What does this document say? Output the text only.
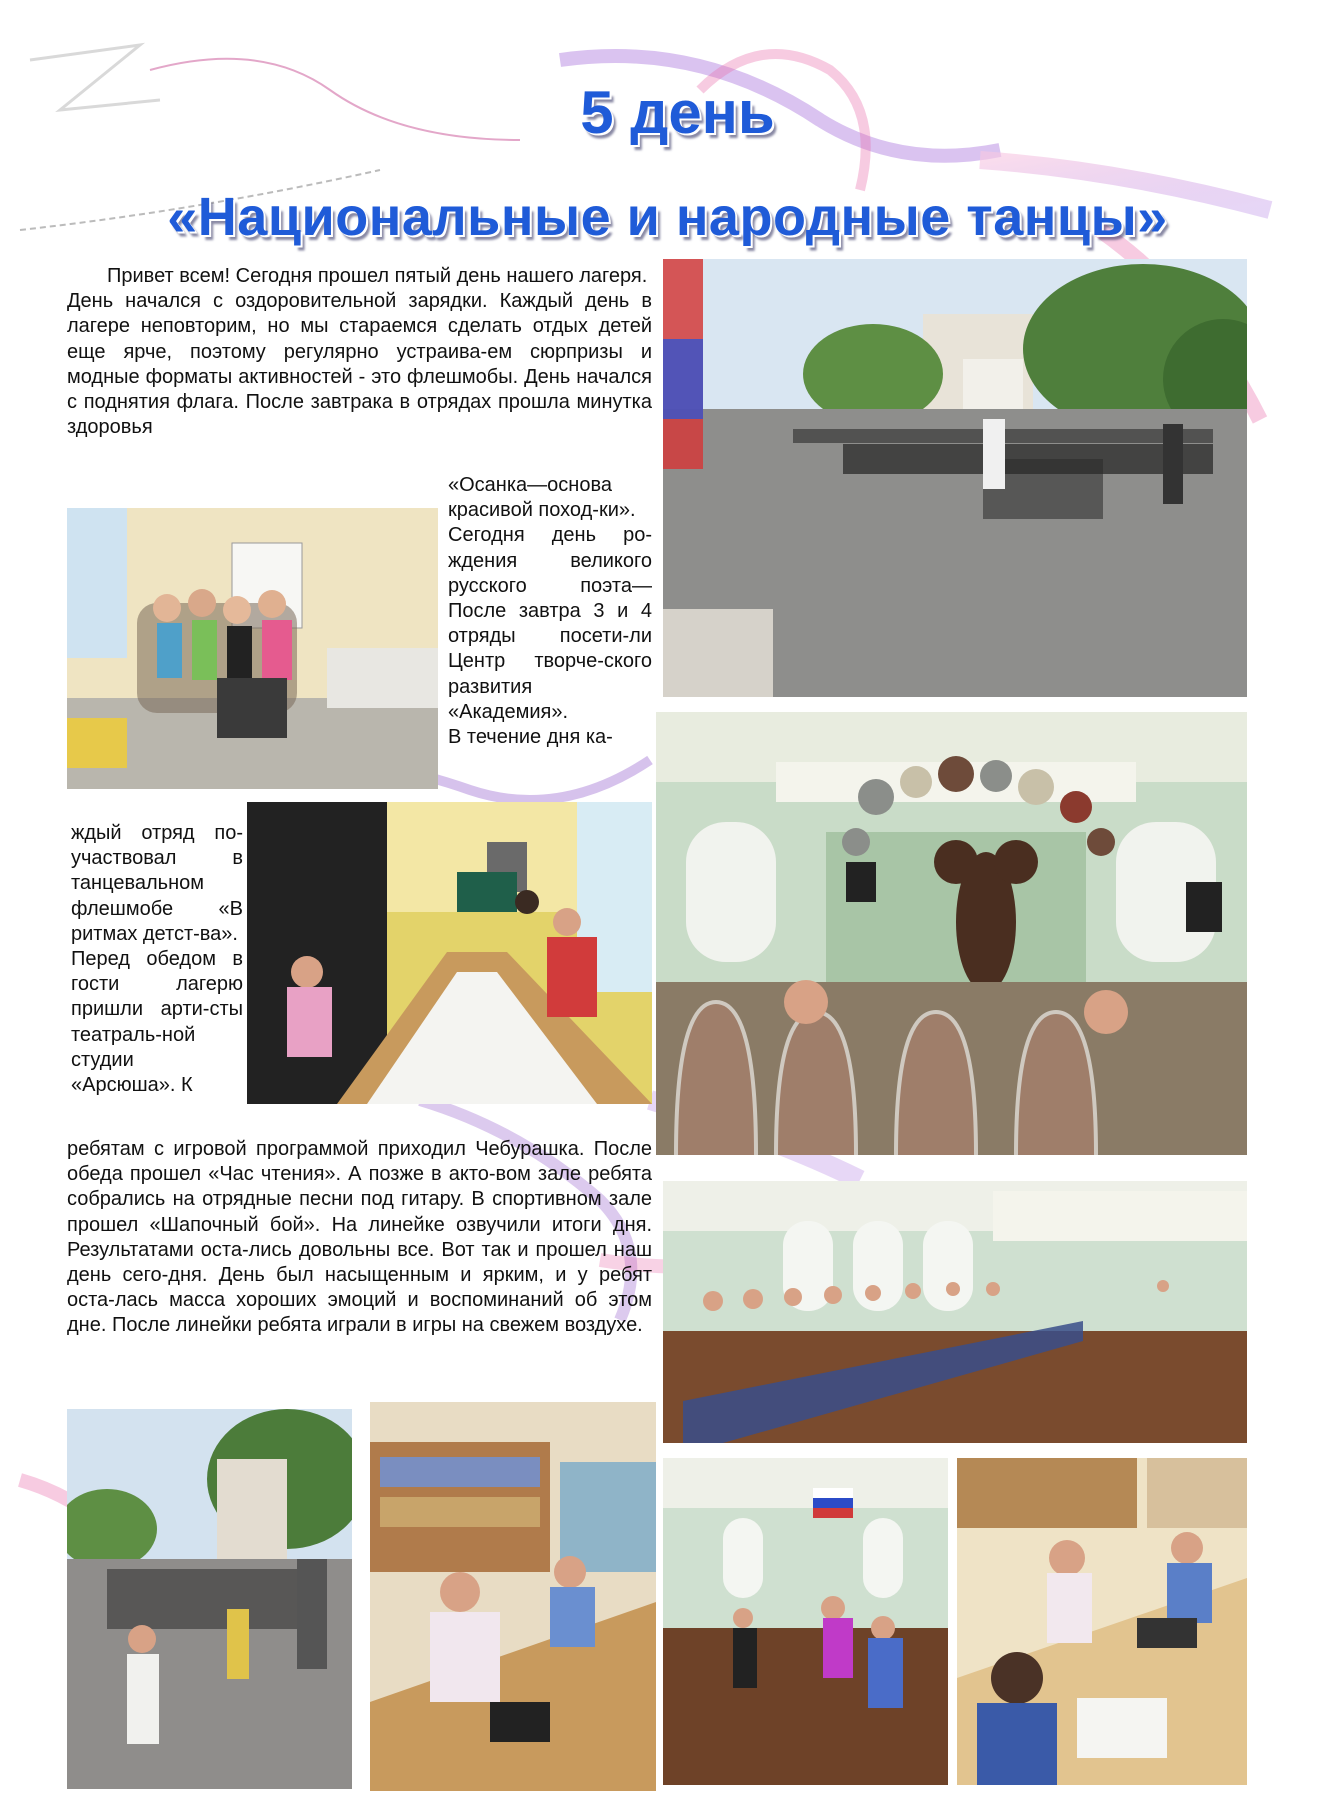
5 день
«Национальные и народные танцы»

Привет всем! Сегодня прошел пятый день нашего лагеря.

День начался с оздоровительной зарядки. Каждый день в лагере неповторим, но мы стараемся сделать отдых детей еще ярче, поэтому регулярно устраива-ем сюрпризы и модные форматы активностей - это флешмобы. День начался с поднятия флага. После завтрака в отрядах прошла минутка здоровья

«Осанка—основа красивой поход-ки».

Сегодня день ро-ждения великого русского поэта—После завтра 3 и 4 отряды посети-ли Центр творче-ского развития «Академия».

В течение дня ка-

ждый отряд по-участвовал в танцевальном флешмобе «В ритмах детст-ва».

Перед обедом в гости лагерю пришли арти-сты театраль-ной студии «Арсюша». К

ребятам с игровой программой приходил Чебурашка. После обеда прошел «Час чтения». А позже в акто-вом зале ребята собрались на отрядные песни под гитару. В спортивном зале прошел «Шапочный бой». На линейке озвучили итоги дня. Результатами оста-лись довольны все. Вот так и прошел наш день сего-дня. День был насыщенным и ярким, и у ребят оста-лась масса хороших эмоций и воспоминаний об этом дне. После линейки ребята играли в игры на свежем воздухе.
